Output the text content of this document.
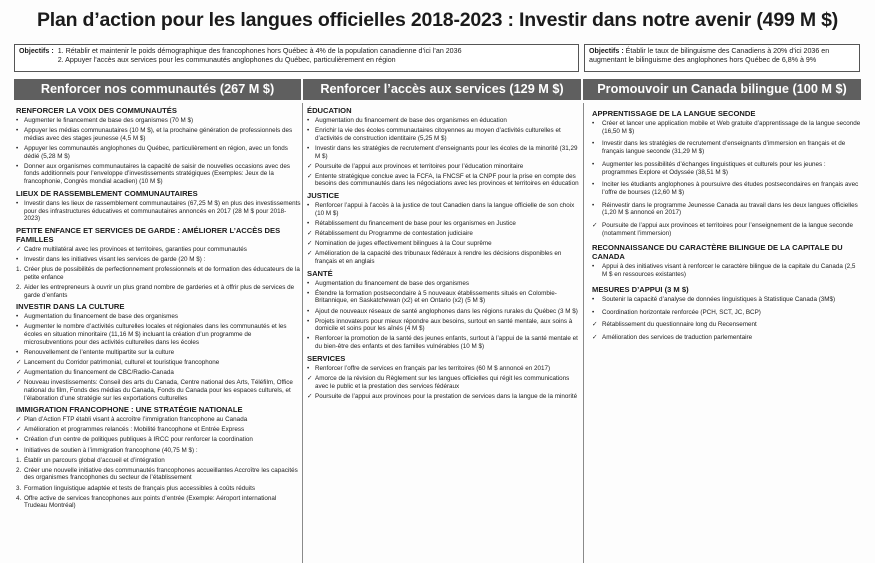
Plan d’action pour les langues officielles 2018-2023 : Investir dans notre avenir (499 M $)
Objectifs : 1. Rétablir et maintenir le poids démographique des francophones hors Québec à 4% de la population canadienne d’ici l’an 2036
2. Appuyer l’accès aux services pour les communautés anglophones du Québec, particulièrement en région
Objectifs : Établir le taux de bilinguisme des Canadiens à 20% d’ici 2036 en augmentant le bilinguisme des anglophones hors Québec de 6,8% à 9%
Renforcer nos communautés (267 M $)	Renforcer l’accès aux services (129 M $)	Promouvoir un Canada bilingue (100 M $)
RENFORCER LA VOIX DES COMMUNAUTÉS
• Augmenter le financement de base des organismes (70 M $)
• Appuyer les médias communautaires (10 M $), et la prochaine génération de professionnels des médias avec des stages jeunesse (4,5 M $)
• Appuyer les communautés anglophones du Québec, particulièrement en région, avec un fonds dédié (5,28 M $)
• Donner aux organismes communautaires la capacité de saisir de nouvelles occasions avec des fonds additionnels pour l’enveloppe d’investissements stratégiques (Exemples: Jeux de la francophonie, Congrès mondial acadien) (10 M $)
LIEUX DE RASSEMBLEMENT COMMUNAUTAIRES
• Investir dans les lieux de rassemblement communautaires (67,25 M $) en plus des investissements pour des infrastructures éducatives et communautaires annoncés en 2017 (28 M $ pour 2018-2023)
PETITE ENFANCE ET SERVICES DE GARDE : AMÉLIORER L’ACCÈS DES FAMILLES
✓ Cadre multilatéral avec les provinces et territoires, garanties pour communautés
• Investir dans les initiatives visant les services de garde (20 M $) :
1. Créer plus de possibilités de perfectionnement professionnels et de formation des éducateurs de la petite enfance
2. Aider les entrepreneurs à ouvrir un plus grand nombre de garderies et à offrir plus de services de garde d’enfants
INVESTIR DANS LA CULTURE
• Augmentation du financement de base des organismes
• Augmenter le nombre d’activités culturelles locales et régionales dans les communautés et les écoles en situation minoritaire (11,16 M $) incluant la création d’un programme de microsubventions pour des activités culturelles dans les écoles
• Renouvellement de l’entente multipartite sur la culture
✓ Lancement du Corridor patrimonial, culturel et touristique francophone
✓ Augmentation du financement de CBC/Radio-Canada
✓ Nouveau investissements: Conseil des arts du Canada, Centre national des Arts, Téléfilm, Office national du film, Fonds des médias du Canada, Fonds du Canada pour les espaces culturels, et l’élaboration d’une stratégie sur les exportations culturelles
IMMIGRATION FRANCOPHONE : UNE STRATÉGIE NATIONALE
✓ Plan d’Action FTP établi visant à accroître l’immigration francophone au Canada
✓ Amélioration et programmes relancés : Mobilité francophone et Entrée Express
• Création d’un centre de politiques publiques à IRCC pour renforcer la coordination
• Initiatives de soutien à l’immigration francophone (40,75 M $) :
1. Établir un parcours global d’accueil et d’intégration
2. Créer une nouvelle initiative des communautés francophones accueillantes Accroître les capacités des organismes francophones du secteur de l’établissement
3. Formation linguistique adaptée et tests de français plus accessibles à coûts réduits
4. Offre active de services francophones aux points d’entrée (Exemple: Aéroport international Trudeau Montréal)
ÉDUCATION
• Augmentation du financement de base des organismes en éducation
• Enrichir la vie des écoles communautaires citoyennes au moyen d’activités culturelles et d’activités de construction identitaire (5,25 M $)
• Investir dans les stratégies de recrutement d’enseignants pour les écoles de la minorité (31,29 M $)
✓ Poursuite de l’appui aux provinces et territoires pour l’éducation minoritaire
✓ Entente stratégique conclue avec la FCFA, la FNCSF et la CNPF pour la prise en compte des besoins des communautés dans les négociations avec les provinces et territoires en éducation
JUSTICE
• Renforcer l’appui à l’accès à la justice de tout Canadien dans la langue officielle de son choix (10 M $)
• Rétablissement du financement de base pour les organismes en Justice
✓ Rétablissement du Programme de contestation judiciaire
✓ Nomination de juges effectivement bilingues à la Cour suprême
✓ Amélioration de la capacité des tribunaux fédéraux à rendre les décisions disponibles en français et en anglais
SANTÉ
• Augmentation du financement de base des organismes
• Étendre la formation postsecondaire à 5 nouveaux établissements situés en Colombie-Britannique, en Saskatchewan (x2) et en Ontario (x2) (5 M $)
• Ajout de nouveaux réseaux de santé anglophones dans les régions rurales du Québec (3 M $)
• Projets innovateurs pour mieux répondre aux besoins, surtout en santé mentale, aux soins à domicile et soins pour les aînés (4 M $)
• Renforcer la promotion de la santé des jeunes enfants, surtout à l’appui de la santé mentale et du bien-être des enfants et des familles vulnérables (10 M $)
SERVICES
• Renforcer l’offre de services en français par les territoires (60 M $ annoncé en 2017)
✓ Amorce de la révision du Règlement sur les langues officielles qui régit les communications avec le public et la prestation des services fédéraux
✓ Poursuite de l’appui aux provinces pour la prestation de services dans la langue de la minorité
APPRENTISSAGE DE LA LANGUE SECONDE
•	Créer et lancer une application mobile et Web gratuite d’apprentissage de la langue seconde (16,50 M $)
•	Investir dans les stratégies de recrutement d’enseignants d’immersion en français et de français langue seconde (31,29 M $)
•	Augmenter les possibilités d’échanges linguistiques et culturels pour les jeunes : programmes Explore et Odyssée (38,51 M $)
•	Inciter les étudiants anglophones à poursuivre des études postsecondaires en français avec l’offre de bourses (12,60 M $)
•	Réinvestir dans le programme Jeunesse Canada au travail dans les deux langues officielles (1,20 M $ annoncé en 2017)
✓ Poursuite de l’appui aux provinces et territoires pour l’enseignement de la langue seconde (notamment l’immersion)
RECONNAISSANCE DU CARACTÈRE BILINGUE DE LA CAPITALE DU CANADA
•	Appui à des initiatives visant à renforcer le caractère bilingue de la capitale du Canada (2,5 M $ en ressources existantes)
MESURES D’APPUI (3 M $)
•	Soutenir la capacité d’analyse de données linguistiques à Statistique Canada (3M$)
•	Coordination horizontale renforcée (PCH, SCT, JC, BCP)
✓ Rétablissement du questionnaire long du Recensement
✓ Amélioration des services de traduction parlementaire
